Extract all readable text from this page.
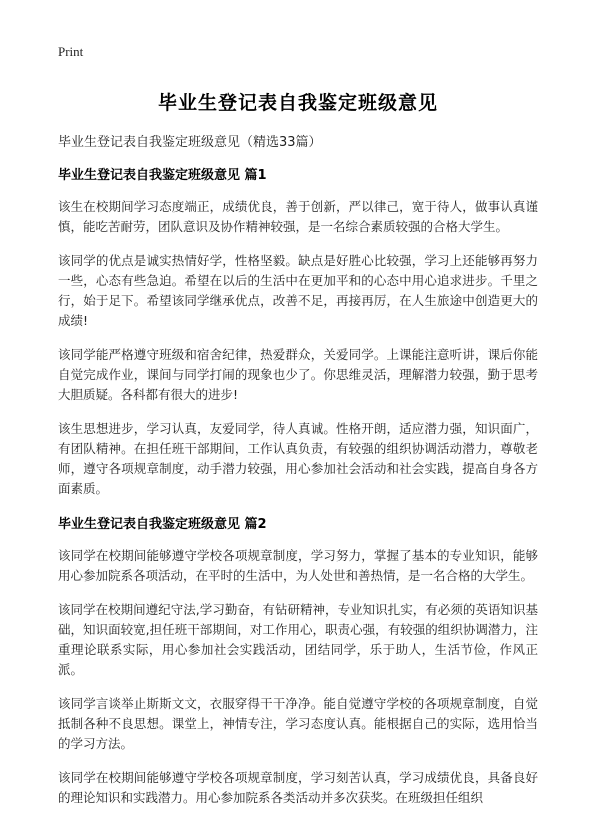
Print
毕业生登记表自我鉴定班级意见
毕业生登记表自我鉴定班级意见（精选33篇）
毕业生登记表自我鉴定班级意见 篇1

该生在校期间学习态度端正，成绩优良，善于创新，严以律己，宽于待人，做事认真谨慎，能吃苦耐劳，团队意识及协作精神较强，是一名综合素质较强的合格大学生。

该同学的优点是诚实热情好学，性格坚毅。缺点是好胜心比较强，学习上还能够再努力一些，心态有些急迫。希望在以后的生活中在更加平和的心态中用心追求进步。千里之行，始于足下。希望该同学继承优点，改善不足，再接再厉，在人生旅途中创造更大的成绩!

该同学能严格遵守班级和宿舍纪律，热爱群众，关爱同学。上课能注意听讲，课后你能自觉完成作业，课间与同学打闹的现象也少了。你思维灵活，理解潜力较强，勤于思考大胆质疑。各科都有很大的进步!

该生思想进步，学习认真，友爱同学，待人真诚。性格开朗，适应潜力强，知识面广，有团队精神。在担任班干部期间，工作认真负责，有较强的组织协调活动潜力，尊敬老师，遵守各项规章制度，动手潜力较强，用心参加社会活动和社会实践，提高自身各方面素质。

毕业生登记表自我鉴定班级意见 篇2

该同学在校期间能够遵守学校各项规章制度，学习努力，掌握了基本的专业知识，能够用心参加院系各项活动，在平时的生活中，为人处世和善热情，是一名合格的大学生。

该同学在校期间遵纪守法,学习勤奋，有钻研精神，专业知识扎实，有必须的英语知识基础，知识面较宽,担任班干部期间，对工作用心，职责心强，有较强的组织协调潜力，注重理论联系实际，用心参加社会实践活动，团结同学，乐于助人，生活节俭，作风正派。

该同学言谈举止斯斯文文，衣服穿得干干净净。能自觉遵守学校的各项规章制度，自觉抵制各种不良思想。课堂上，神情专注，学习态度认真。能根据自己的实际，选用恰当的学习方法。

该同学在校期间能够遵守学校各项规章制度，学习刻苦认真，学习成绩优良，具备良好的理论知识和实践潜力。用心参加院系各类活动并多次获奖。在班级担任组织
